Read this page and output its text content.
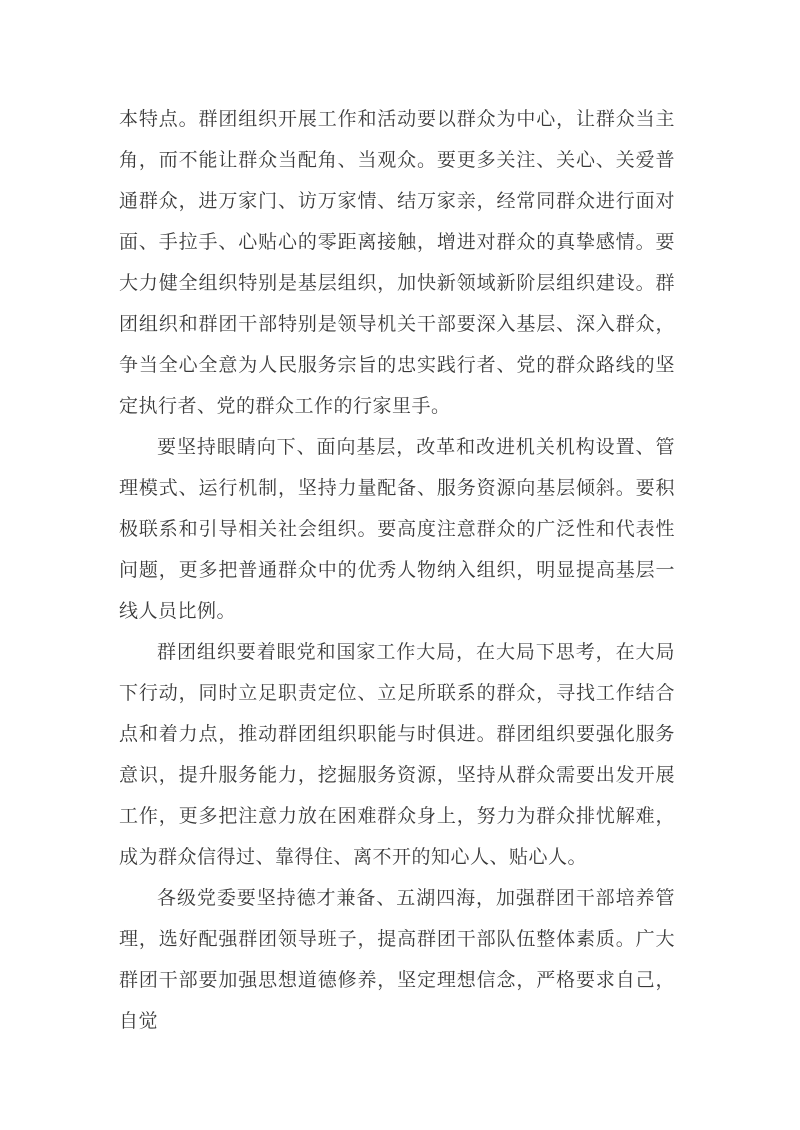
本特点。群团组织开展工作和活动要以群众为中心，让群众当主角，而不能让群众当配角、当观众。要更多关注、关心、关爱普通群众，进万家门、访万家情、结万家亲，经常同群众进行面对面、手拉手、心贴心的零距离接触，增进对群众的真挚感情。要大力健全组织特别是基层组织，加快新领域新阶层组织建设。群团组织和群团干部特别是领导机关干部要深入基层、深入群众，争当全心全意为人民服务宗旨的忠实践行者、党的群众路线的坚定执行者、党的群众工作的行家里手。

要坚持眼睛向下、面向基层，改革和改进机关机构设置、管理模式、运行机制，坚持力量配备、服务资源向基层倾斜。要积极联系和引导相关社会组织。要高度注意群众的广泛性和代表性问题，更多把普通群众中的优秀人物纳入组织，明显提高基层一线人员比例。

群团组织要着眼党和国家工作大局，在大局下思考，在大局下行动，同时立足职责定位、立足所联系的群众，寻找工作结合点和着力点，推动群团组织职能与时俱进。群团组织要强化服务意识，提升服务能力，挖掘服务资源，坚持从群众需要出发开展工作，更多把注意力放在困难群众身上，努力为群众排忧解难，成为群众信得过、靠得住、离不开的知心人、贴心人。

各级党委要坚持德才兼备、五湖四海，加强群团干部培养管理，选好配强群团领导班子，提高群团干部队伍整体素质。广大群团干部要加强思想道德修养，坚定理想信念，严格要求自己，自觉
